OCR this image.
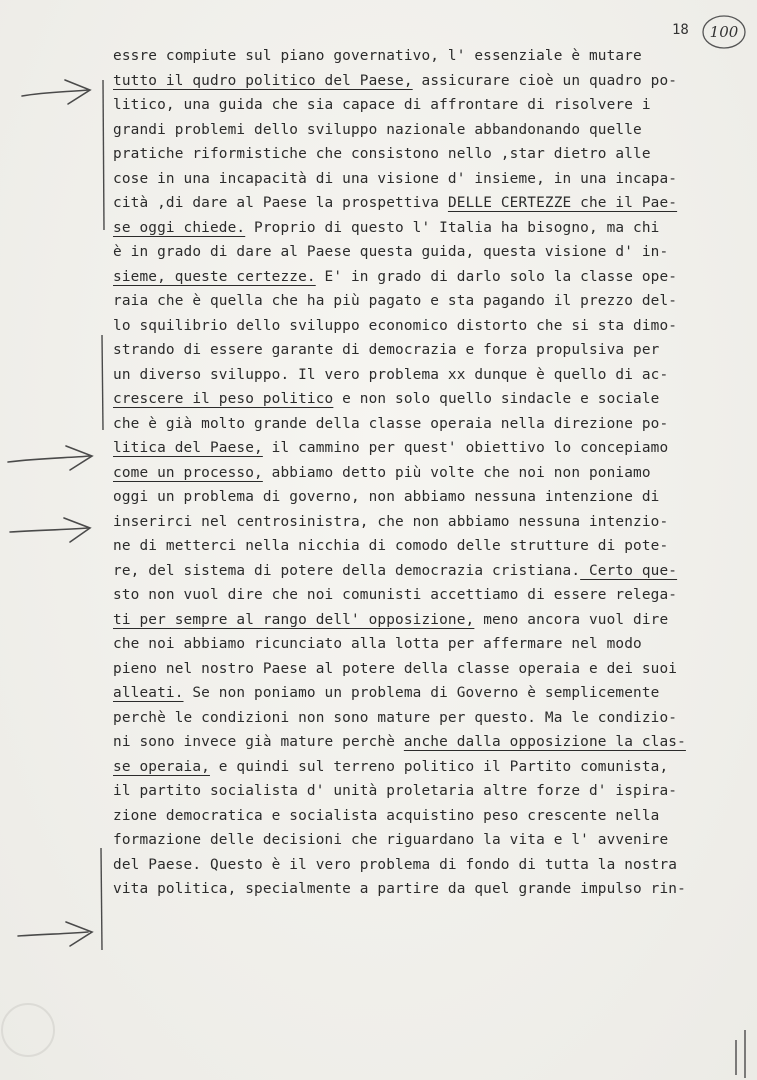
18 100
essre compiute sul piano governativo, l' essenziale è mutare
tutto il qudro politico del Paese, assicurare cioè un quadro po-
litico, una guida che sia capace di affrontare di risolvere i
grandi problemi dello sviluppo nazionale abbandonando quelle
pratiche riformistiche che consistono nello ,star dietro alle
cose in una incapacità di una visione d' insieme, in una incapa-
cità ,di dare al Paese la prospettiva DELLE CERTEZZE che il Pae-
se oggi chiede. Proprio di questo l' Italia ha bisogno, ma chi
è in grado di dare al Paese questa guida, questa visione d' in-
sieme, queste certezze. E' in grado di darlo solo la classe ope-
raia che è quella che ha più pagato e sta pagando il prezzo del-
lo squilibrio dello sviluppo economico distorto che si sta dimo-
strando di essere garante di democrazia e forza propulsiva per
un diverso sviluppo. Il vero problema xx dunque è quello di ac-
crescere il peso politico e non solo quello sindacle e sociale
che è già molto grande della classe operaia nella direzione po-
litica del Paese, il cammino per quest' obiettivo lo concepiamo
come un processo, abbiamo detto più volte che noi non poniamo
oggi un problema di governo, non abbiamo nessuna intenzione di
inserirci nel centrosinistra, che non abbiamo nessuna intenzio-
ne di metterci nella nicchia di comodo delle strutture di pote-
re, del sistema di potere della democrazia cristiana. Certo que-
sto non vuol dire che noi comunisti accettiamo di essere relega-
ti per sempre al rango dell' opposizione, meno ancora vuol dire
che noi abbiamo ricunciato alla lotta per affermare nel modo
pieno nel nostro Paese al potere della classe operaia e dei suoi
alleati. Se non poniamo un problema di Governo è semplicemente
perchè le condizioni non sono mature per questo. Ma le condizio-
ni sono invece già mature perchè anche dalla opposizione la clas-
se operaia, e quindi sul terreno politico il Partito comunista,
il partito socialista d' unità proletaria altre forze d' ispira-
zione democratica e socialista acquistino peso crescente nella
formazione delle decisioni che riguardano la vita e l' avvenire
del Paese. Questo è il vero problema di fondo di tutta la nostra
vita politica, specialmente a partire da quel grande impulso rin-
